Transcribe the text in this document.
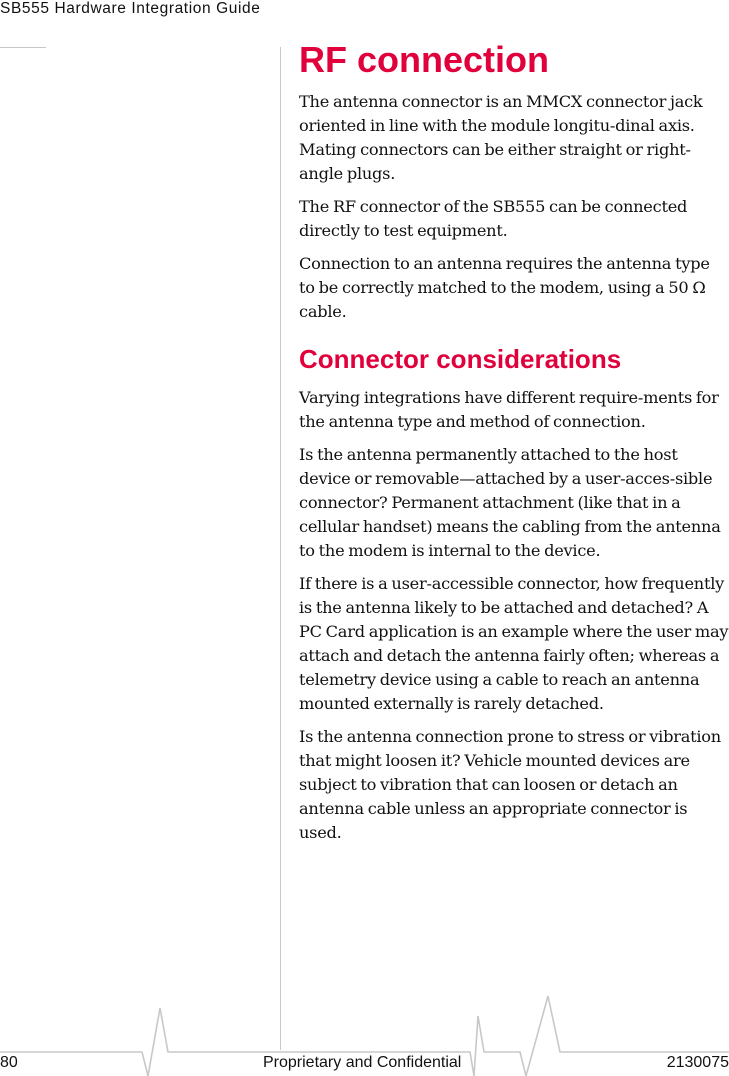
SB555 Hardware Integration Guide
RF connection

The antenna connector is an MMCX connector jack oriented in line with the module longitu-dinal axis. Mating connectors can be either straight or right-angle plugs.

The RF connector of the SB555 can be connected directly to test equipment.

Connection to an antenna requires the antenna type to be correctly matched to the modem, using a 50 Ω cable.

Connector considerations

Varying integrations have different require-ments for the antenna type and method of connection.

Is the antenna permanently attached to the host device or removable—attached by a user-acces-sible connector? Permanent attachment (like that in a cellular handset) means the cabling from the antenna to the modem is internal to the device.

If there is a user-accessible connector, how frequently is the antenna likely to be attached and detached? A PC Card application is an example where the user may attach and detach the antenna fairly often; whereas a telemetry device using a cable to reach an antenna mounted externally is rarely detached.

Is the antenna connection prone to stress or vibration that might loosen it? Vehicle mounted devices are subject to vibration that can loosen or detach an antenna cable unless an appropriate connector is used.

80	Proprietary and Confidential	2130075
